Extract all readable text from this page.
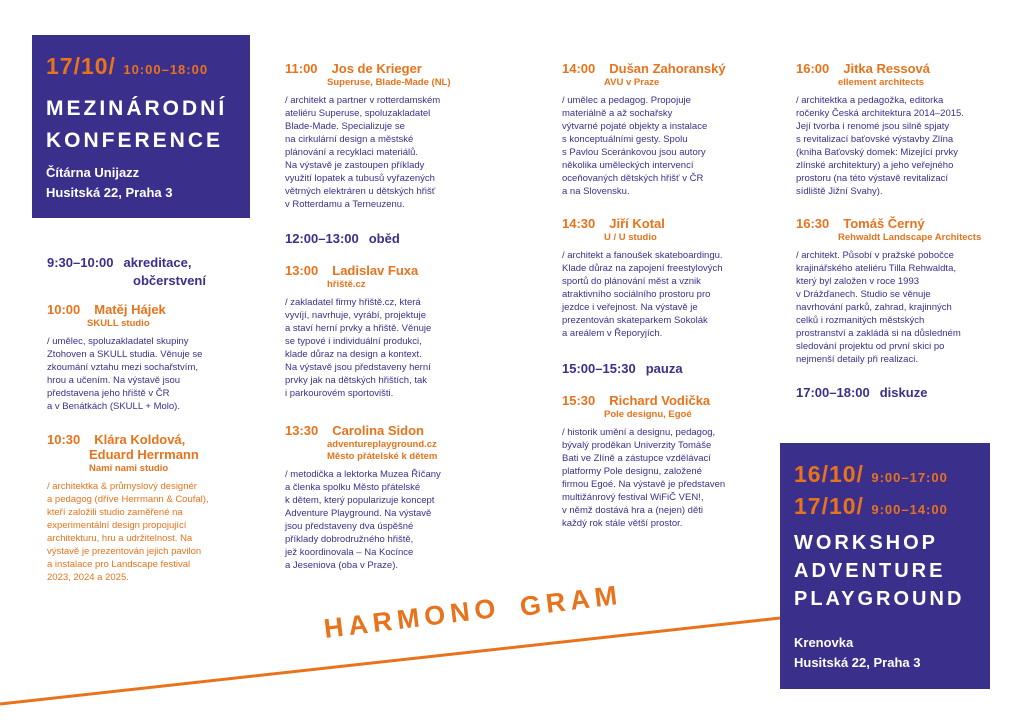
17/10/ 10:00–18:00
MEZINÁRODNÍ
KONFERENCE
Čítárna Unijazz
Husitská 22, Praha 3
9:30–10:00 akreditace,
občerstvení
10:00 Matěj Hájek
SKULL studio
/ umělec, spoluzakladatel skupiny
Ztohoven a SKULL studia. Věnuje se
zkoumání vztahu mezi sochařstvím,
hrou a učením. Na výstavě jsou
představena jeho hřiště v ČR
a v Benátkách (SKULL + Molo).
10:30 Klára Koldová,
Eduard Herrmann
Nami nami studio
/ architektka & průmyslový designér
a pedagog (dříve Herrmann & Coufal),
kteří založili studio zaměřené na
experimentální design propojující
architekturu, hru a udržitelnost. Na
výstavě je prezentován jejich pavilon
a instalace pro Landscape festival
2023, 2024 a 2025.
11:00 Jos de Krieger
Superuse, Blade-Made (NL)
/ architekt a partner v rotterdamském
ateliéru Superuse, spoluzakladatel
Blade-Made. Specializuje se
na cirkulární design a městské
plánování a recyklaci materiálů.
Na výstavě je zastoupen příklady
využití lopatek a tubusů vyřazených
větrných elektráren u dětských hřišť
v Rotterdamu a Terneuzenu.
12:00–13:00 oběd
13:00 Ladislav Fuxa
hřiště.cz
/ zakladatel firmy hřiště.cz, která
vyvíjí, navrhuje, vyrábí, projektuje
a staví herní prvky a hřiště. Věnuje
se typové i individuální produkci,
klade důraz na design a kontext.
Na výstavě jsou představeny herní
prvky jak na dětských hřištích, tak
i parkourovém sportovišti.
13:30 Carolina Sidon
adventureplayground.cz
Město přátelské k dětem
/ metodička a lektorka Muzea Říčany
a členka spolku Město přátelské
k dětem, který popularizuje koncept
Adventure Playground. Na výstavě
jsou představeny dva úspěšné
příklady dobrodružného hřiště,
jež koordinovala – Na Kocínce
a Jeseniova (oba v Praze).
14:00 Dušan Zahoranský
AVU v Praze
/ umělec a pedagog. Propojuje
materiálně a až sochařsky
výtvarné pojaté objekty a instalace
s konceptuálními gesty. Spolu
s Pavlou Sceránkovou jsou autory
několika uměleckých intervencí
oceňovaných dětských hřišť v ČR
a na Slovensku.
14:30 Jiří Kotal
U / U studio
/ architekt a fanoušek skateboardingu.
Klade důraz na zapojení freestylových
sportů do plánování měst a vznik
atraktivního sociálního prostoru pro
jezdce i veřejnost. Na výstavě je
prezentován skateparkem Sokolák
a areálem v Řeporyjích.
15:00–15:30 pauza
15:30 Richard Vodička
Pole designu, Egoé
/ historik umění a designu, pedagog,
bývalý proděkan Univerzity Tomáše
Bati ve Zlíně a zástupce vzdělávací
platformy Pole designu, založené
firmou Egoé. Na výstavě je představen
multižánrový festival WiFiČ VEN!,
v němž dostává hra a (nejen) děti
každý rok stále větší prostor.
16:00 Jitka Ressová
ellement architects
/ architektka a pedagožka, editorka
ročenky Česká architektura 2014–2015.
Její tvorba i renomé jsou silně spjaty
s revitalizací baťovské výstavby Zlína
(kniha Baťovský domek: Mizející prvky
zlínské architektury) a jeho veřejného
prostoru (na této výstavě revitalizací
sídliště Jižní Svahy).
16:30 Tomáš Černý
Rehwaldt Landscape Architects
/ architekt. Působí v pražské pobočce
krajinářského ateliéru Tilla Rehwaldta,
který byl založen v roce 1993
v Drážďanech. Studio se věnuje
navrhování parků, zahrad, krajinných
celků i rozmanitých městských
prostranství a zakládá si na důsledném
sledování projektu od první skici po
nejmenší detaily při realizaci.
17:00–18:00 diskuze
16/10/ 9:00–17:00
17/10/ 9:00–14:00
WORKSHOP
ADVENTURE
PLAYGROUND
Krenovka
Husitská 22, Praha 3
HARMONO GRAM
